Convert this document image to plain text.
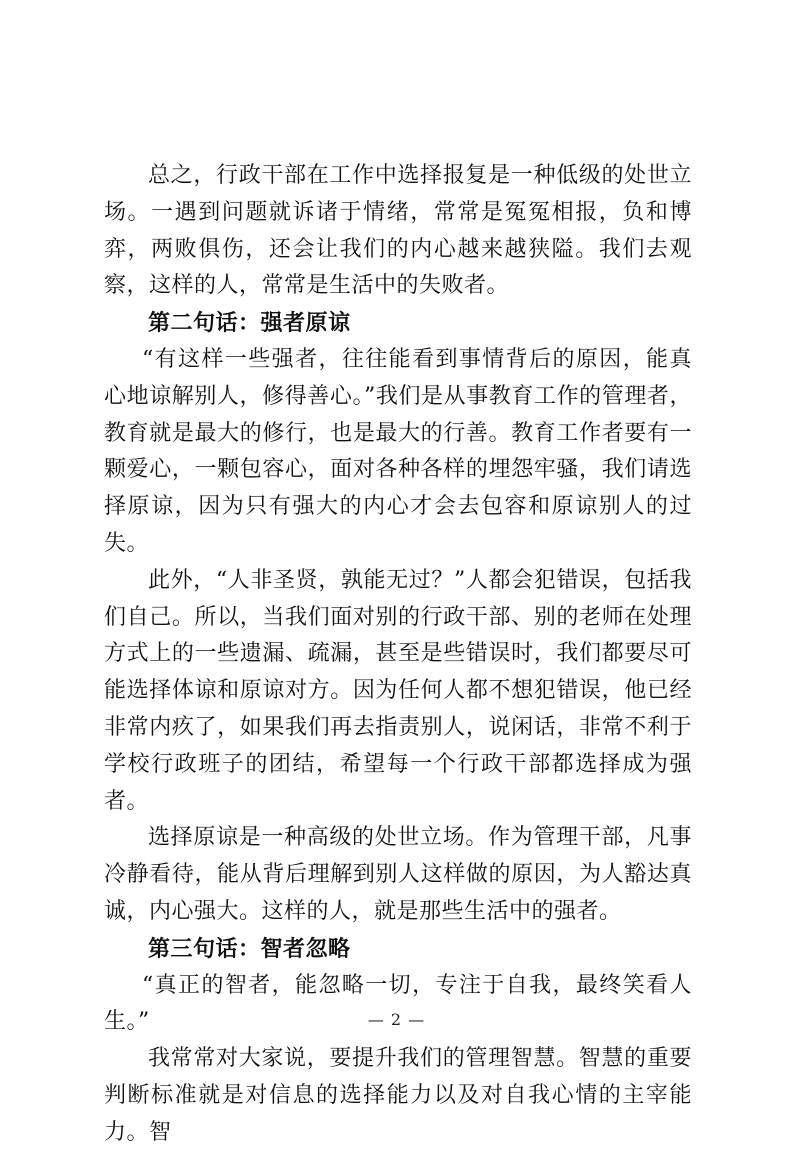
总之，行政干部在工作中选择报复是一种低级的处世立场。一遇到问题就诉诸于情绪，常常是冤冤相报，负和博弈，两败俱伤，还会让我们的内心越来越狭隘。我们去观察，这样的人，常常是生活中的失败者。

第二句话：强者原谅

“有这样一些强者，往往能看到事情背后的原因，能真心地谅解别人，修得善心。”我们是从事教育工作的管理者，教育就是最大的修行，也是最大的行善。教育工作者要有一颗爱心，一颗包容心，面对各种各样的埋怨牢骚，我们请选择原谅，因为只有强大的内心才会去包容和原谅别人的过失。

此外，“人非圣贤，孰能无过？”人都会犯错误，包括我们自己。所以，当我们面对别的行政干部、别的老师在处理方式上的一些遗漏、疏漏，甚至是些错误时，我们都要尽可能选择体谅和原谅对方。因为任何人都不想犯错误，他已经非常内疚了，如果我们再去指责别人，说闲话，非常不利于学校行政班子的团结，希望每一个行政干部都选择成为强者。

选择原谅是一种高级的处世立场。作为管理干部，凡事冷静看待，能从背后理解到别人这样做的原因，为人豁达真诚，内心强大。这样的人，就是那些生活中的强者。

第三句话：智者忽略

“真正的智者，能忽略一切，专注于自我，最终笑看人生。”

我常常对大家说，要提升我们的管理智慧。智慧的重要判断标准就是对信息的选择能力以及对自我心情的主宰能力。智

— 2 —
